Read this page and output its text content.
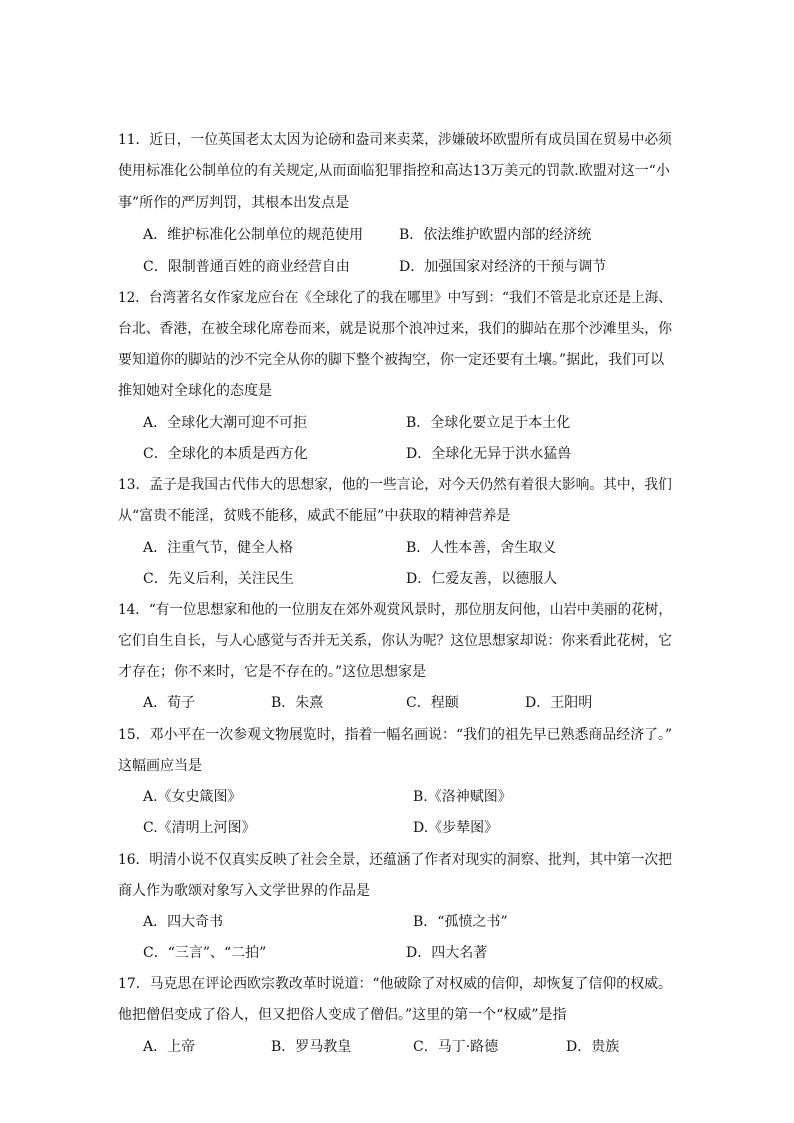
11．近日，一位英国老太太因为论磅和盎司来卖菜，涉嫌破坏欧盟所有成员国在贸易中必须
使用标准化公制单位的有关规定,从而面临犯罪指控和高达13万美元的罚款.欧盟对这一“小
事”所作的严厉判罚，其根本出发点是
A．维护标准化公制单位的规范使用	B．依法维护欧盟内部的经济统
C．限制普通百姓的商业经营自由	D．加强国家对经济的干预与调节
12．台湾著名女作家龙应台在《全球化了的我在哪里》中写到：“我们不管是北京还是上海、
台北、香港，在被全球化席卷而来，就是说那个浪冲过来，我们的脚站在那个沙滩里头，你
要知道你的脚站的沙不完全从你的脚下整个被掏空，你一定还要有土壤。”据此，我们可以
推知她对全球化的态度是
A．全球化大潮可迎不可拒	B．全球化要立足于本土化
C．全球化的本质是西方化	D．全球化无异于洪水猛兽
13．孟子是我国古代伟大的思想家，他的一些言论，对今天仍然有着很大影响。其中，我们
从“富贵不能淫，贫贱不能移，威武不能屈”中获取的精神营养是
A．注重气节，健全人格	B．人性本善，舍生取义
C．先义后利，关注民生	D．仁爱友善，以德服人
14．“有一位思想家和他的一位朋友在郊外观赏风景时，那位朋友问他，山岩中美丽的花树，
它们自生自长，与人心感觉与否并无关系，你认为呢？这位思想家却说：你来看此花树，它
才存在；你不来时，它是不存在的。”这位思想家是
A．荀子	B．朱熹	C．程颐	D．王阳明
15．邓小平在一次参观文物展览时，指着一幅名画说：“我们的祖先早已熟悉商品经济了。”
这幅画应当是
A.《女史箴图》	B.《洛神赋图》
C.《清明上河图》	D.《步辇图》
16．明清小说不仅真实反映了社会全景，还蕴涵了作者对现实的洞察、批判，其中第一次把
商人作为歌颂对象写入文学世界的作品是
A．四大奇书	B．“孤愤之书”
C．“三言”、“二拍”	D．四大名著
17．马克思在评论西欧宗教改革时说道：“他破除了对权威的信仰，却恢复了信仰的权威。
他把僧侣变成了俗人，但又把俗人变成了僧侣。”这里的第一个“权威”是指
A．上帝	B．罗马教皇	C．马丁·路德	D．贵族
